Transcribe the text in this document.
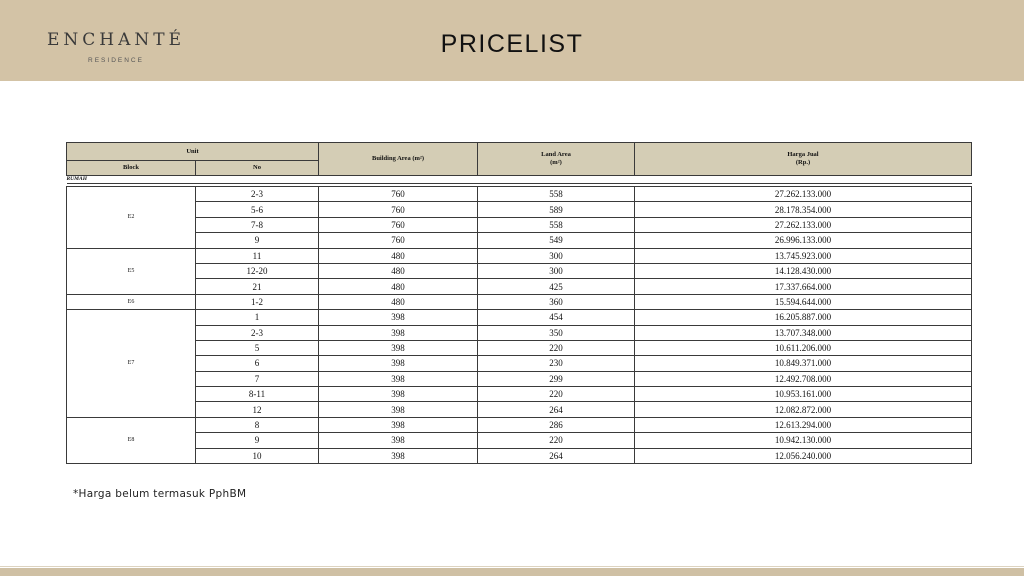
ENCHANTÉ
RESIDENCE
PRICELIST
Unit		Building Area (m²)	Land Area
(m²)	Harga Jual
(Rp.)
Block	No			
RUMAH				

E2	2-3	760	558	27.262.133.000
	5-6	760	589	28.178.354.000
	7-8	760	558	27.262.133.000
	9	760	549	26.996.133.000
E5	11	480	300	13.745.923.000
	12-20	480	300	14.128.430.000
	21	480	425	17.337.664.000
E6	1-2	480	360	15.594.644.000
E7	1	398	454	16.205.887.000
	2-3	398	350	13.707.348.000
	5	398	220	10.611.206.000
	6	398	230	10.849.371.000
	7	398	299	12.492.708.000
	8-11	398	220	10.953.161.000
	12	398	264	12.082.872.000
E8	8	398	286	12.613.294.000
	9	398	220	10.942.130.000
	10	398	264	12.056.240.000
*Harga belum termasuk PphBM
